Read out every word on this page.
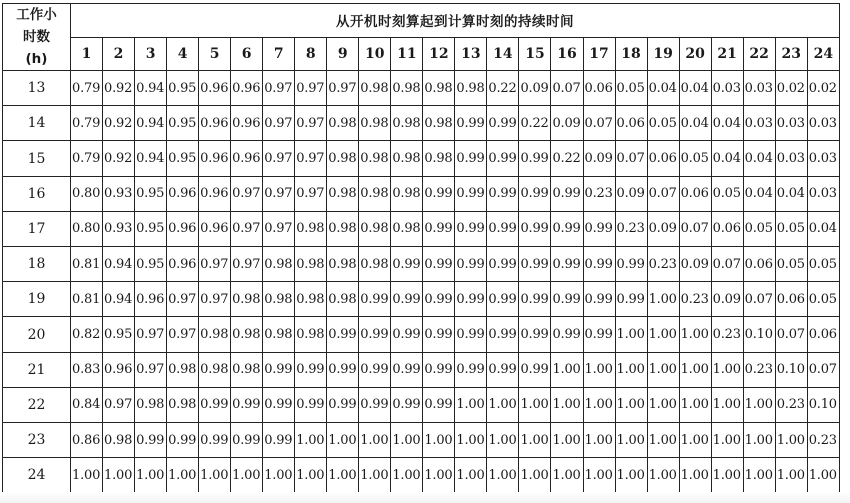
工作小
时数
(h)	从开机时刻算起到计算时刻的持续时间																							
	1	2	3	4	5	6	7	8	9	10	11	12	13	14	15	16	17	18	19	20	21	22	23	24
13	0.79	0.92	0.94	0.95	0.96	0.96	0.97	0.97	0.97	0.98	0.98	0.98	0.98	0.22	0.09	0.07	0.06	0.05	0.04	0.04	0.03	0.03	0.02	0.02
14	0.79	0.92	0.94	0.95	0.96	0.96	0.97	0.97	0.98	0.98	0.98	0.98	0.99	0.99	0.22	0.09	0.07	0.06	0.05	0.04	0.04	0.03	0.03	0.03
15	0.79	0.92	0.94	0.95	0.96	0.96	0.97	0.97	0.98	0.98	0.98	0.98	0.99	0.99	0.99	0.22	0.09	0.07	0.06	0.05	0.04	0.04	0.03	0.03
16	0.80	0.93	0.95	0.96	0.96	0.97	0.97	0.97	0.98	0.98	0.98	0.99	0.99	0.99	0.99	0.99	0.23	0.09	0.07	0.06	0.05	0.04	0.04	0.03
17	0.80	0.93	0.95	0.96	0.96	0.97	0.97	0.98	0.98	0.98	0.98	0.99	0.99	0.99	0.99	0.99	0.99	0.23	0.09	0.07	0.06	0.05	0.05	0.04
18	0.81	0.94	0.95	0.96	0.97	0.97	0.98	0.98	0.98	0.98	0.99	0.99	0.99	0.99	0.99	0.99	0.99	0.99	0.23	0.09	0.07	0.06	0.05	0.05
19	0.81	0.94	0.96	0.97	0.97	0.98	0.98	0.98	0.98	0.99	0.99	0.99	0.99	0.99	0.99	0.99	0.99	0.99	1.00	0.23	0.09	0.07	0.06	0.05
20	0.82	0.95	0.97	0.97	0.98	0.98	0.98	0.98	0.99	0.99	0.99	0.99	0.99	0.99	0.99	0.99	0.99	1.00	1.00	1.00	0.23	0.10	0.07	0.06
21	0.83	0.96	0.97	0.98	0.98	0.98	0.99	0.99	0.99	0.99	0.99	0.99	0.99	0.99	0.99	1.00	1.00	1.00	1.00	1.00	1.00	0.23	0.10	0.07
22	0.84	0.97	0.98	0.98	0.99	0.99	0.99	0.99	0.99	0.99	0.99	0.99	1.00	1.00	1.00	1.00	1.00	1.00	1.00	1.00	1.00	1.00	0.23	0.10
23	0.86	0.98	0.99	0.99	0.99	0.99	0.99	1.00	1.00	1.00	1.00	1.00	1.00	1.00	1.00	1.00	1.00	1.00	1.00	1.00	1.00	1.00	1.00	0.23
24	1.00	1.00	1.00	1.00	1.00	1.00	1.00	1.00	1.00	1.00	1.00	1.00	1.00	1.00	1.00	1.00	1.00	1.00	1.00	1.00	1.00	1.00	1.00	1.00
